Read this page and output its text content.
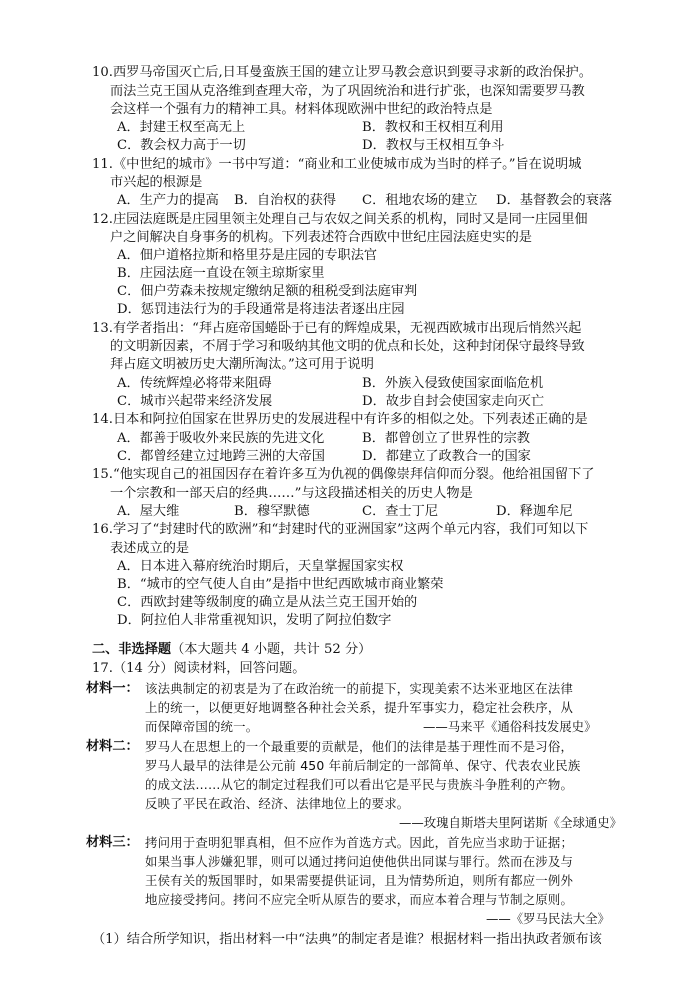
10.西罗马帝国灭亡后,日耳曼蛮族王国的建立让罗马教会意识到要寻求新的政治保护。
而法兰克王国从克洛维到查理大帝，为了巩固统治和进行扩张，也深知需要罗马教
会这样一个强有力的精神工具。材料体现欧洲中世纪的政治特点是
A．封建王权至高无上	B．教权和王权相互利用
C．教会权力高于一切	D．教权与王权相互争斗
11.《中世纪的城市》一书中写道：“商业和工业使城市成为当时的样子。”旨在说明城
市兴起的根源是
A．生产力的提高 B．自治权的获得 C．租地农场的建立 D．基督教会的衰落
12.庄园法庭既是庄园里领主处理自己与农奴之间关系的机构，同时又是同一庄园里佃
户之间解决自身事务的机构。下列表述符合西欧中世纪庄园法庭史实的是
A．佃户道格拉斯和格里芬是庄园的专职法官
B．庄园法庭一直设在领主琼斯家里
C．佃户劳森未按规定缴纳足额的租税受到法庭审判
D．惩罚违法行为的手段通常是将违法者逐出庄园
13.有学者指出：“拜占庭帝国蜷卧于已有的辉煌成果，无视西欧城市出现后悄然兴起
的文明新因素，不屑于学习和吸纳其他文明的优点和长处，这种封闭保守最终导致
拜占庭文明被历史大潮所淘汰。”这可用于说明
A．传统辉煌必将带来阻碍	B．外族入侵致使国家面临危机
C．城市兴起带来经济发展	D．故步自封会使国家走向灭亡
14.日本和阿拉伯国家在世界历史的发展进程中有许多的相似之处。下列表述正确的是
A．都善于吸收外来民族的先进文化	B．都曾创立了世界性的宗教
C．都曾经建立过地跨三洲的大帝国	D．都建立了政教合一的国家
15.“他实现自己的祖国因存在着许多互为仇视的偶像崇拜信仰而分裂。他给祖国留下了
一个宗教和一部天启的经典……”与这段描述相关的历史人物是
A．屋大维	B．穆罕默德	C．查士丁尼	D．释迦牟尼
16.学习了“封建时代的欧洲”和“封建时代的亚洲国家”这两个单元内容，我们可知以下
表述成立的是
A．日本进入幕府统治时期后，天皇掌握国家实权
B．“城市的空气使人自由”是指中世纪西欧城市商业繁荣
C．西欧封建等级制度的确立是从法兰克王国开始的
D．阿拉伯人非常重视知识，发明了阿拉伯数字
二、非选择题（本大题共 4 小题，共计 52 分）
17.（14 分）阅读材料，回答问题。
材料一： 该法典制定的初衷是为了在政治统一的前提下，实现美索不达米亚地区在法律
上的统一，以便更好地调整各种社会关系，提升军事实力，稳定社会秩序，从
而保障帝国的统一。	——马来平《通俗科技发展史》
材料二： 罗马人在思想上的一个最重要的贡献是，他们的法律是基于理性而不是习俗，
罗马人最早的法律是公元前 450 年前后制定的一部简单、保守、代表农业民族
的成文法……从它的制定过程我们可以看出它是平民与贵族斗争胜利的产物。
反映了平民在政治、经济、法律地位上的要求。
——玫瑰自斯塔夫里阿诺斯《全球通史》
材料三： 拷问用于查明犯罪真相，但不应作为首选方式。因此，首先应当求助于证据；
如果当事人涉嫌犯罪，则可以通过拷问迫使他供出同谋与罪行。然而在涉及与
王侯有关的叛国罪时，如果需要提供证词，且为情势所迫，则所有都应一例外
地应接受拷问。拷问不应完全听从原告的要求，而应本着合理与节制之原则。
——《罗马民法大全》
（1）结合所学知识，指出材料一中“法典”的制定者是谁？根据材料一指出执政者颁布该
